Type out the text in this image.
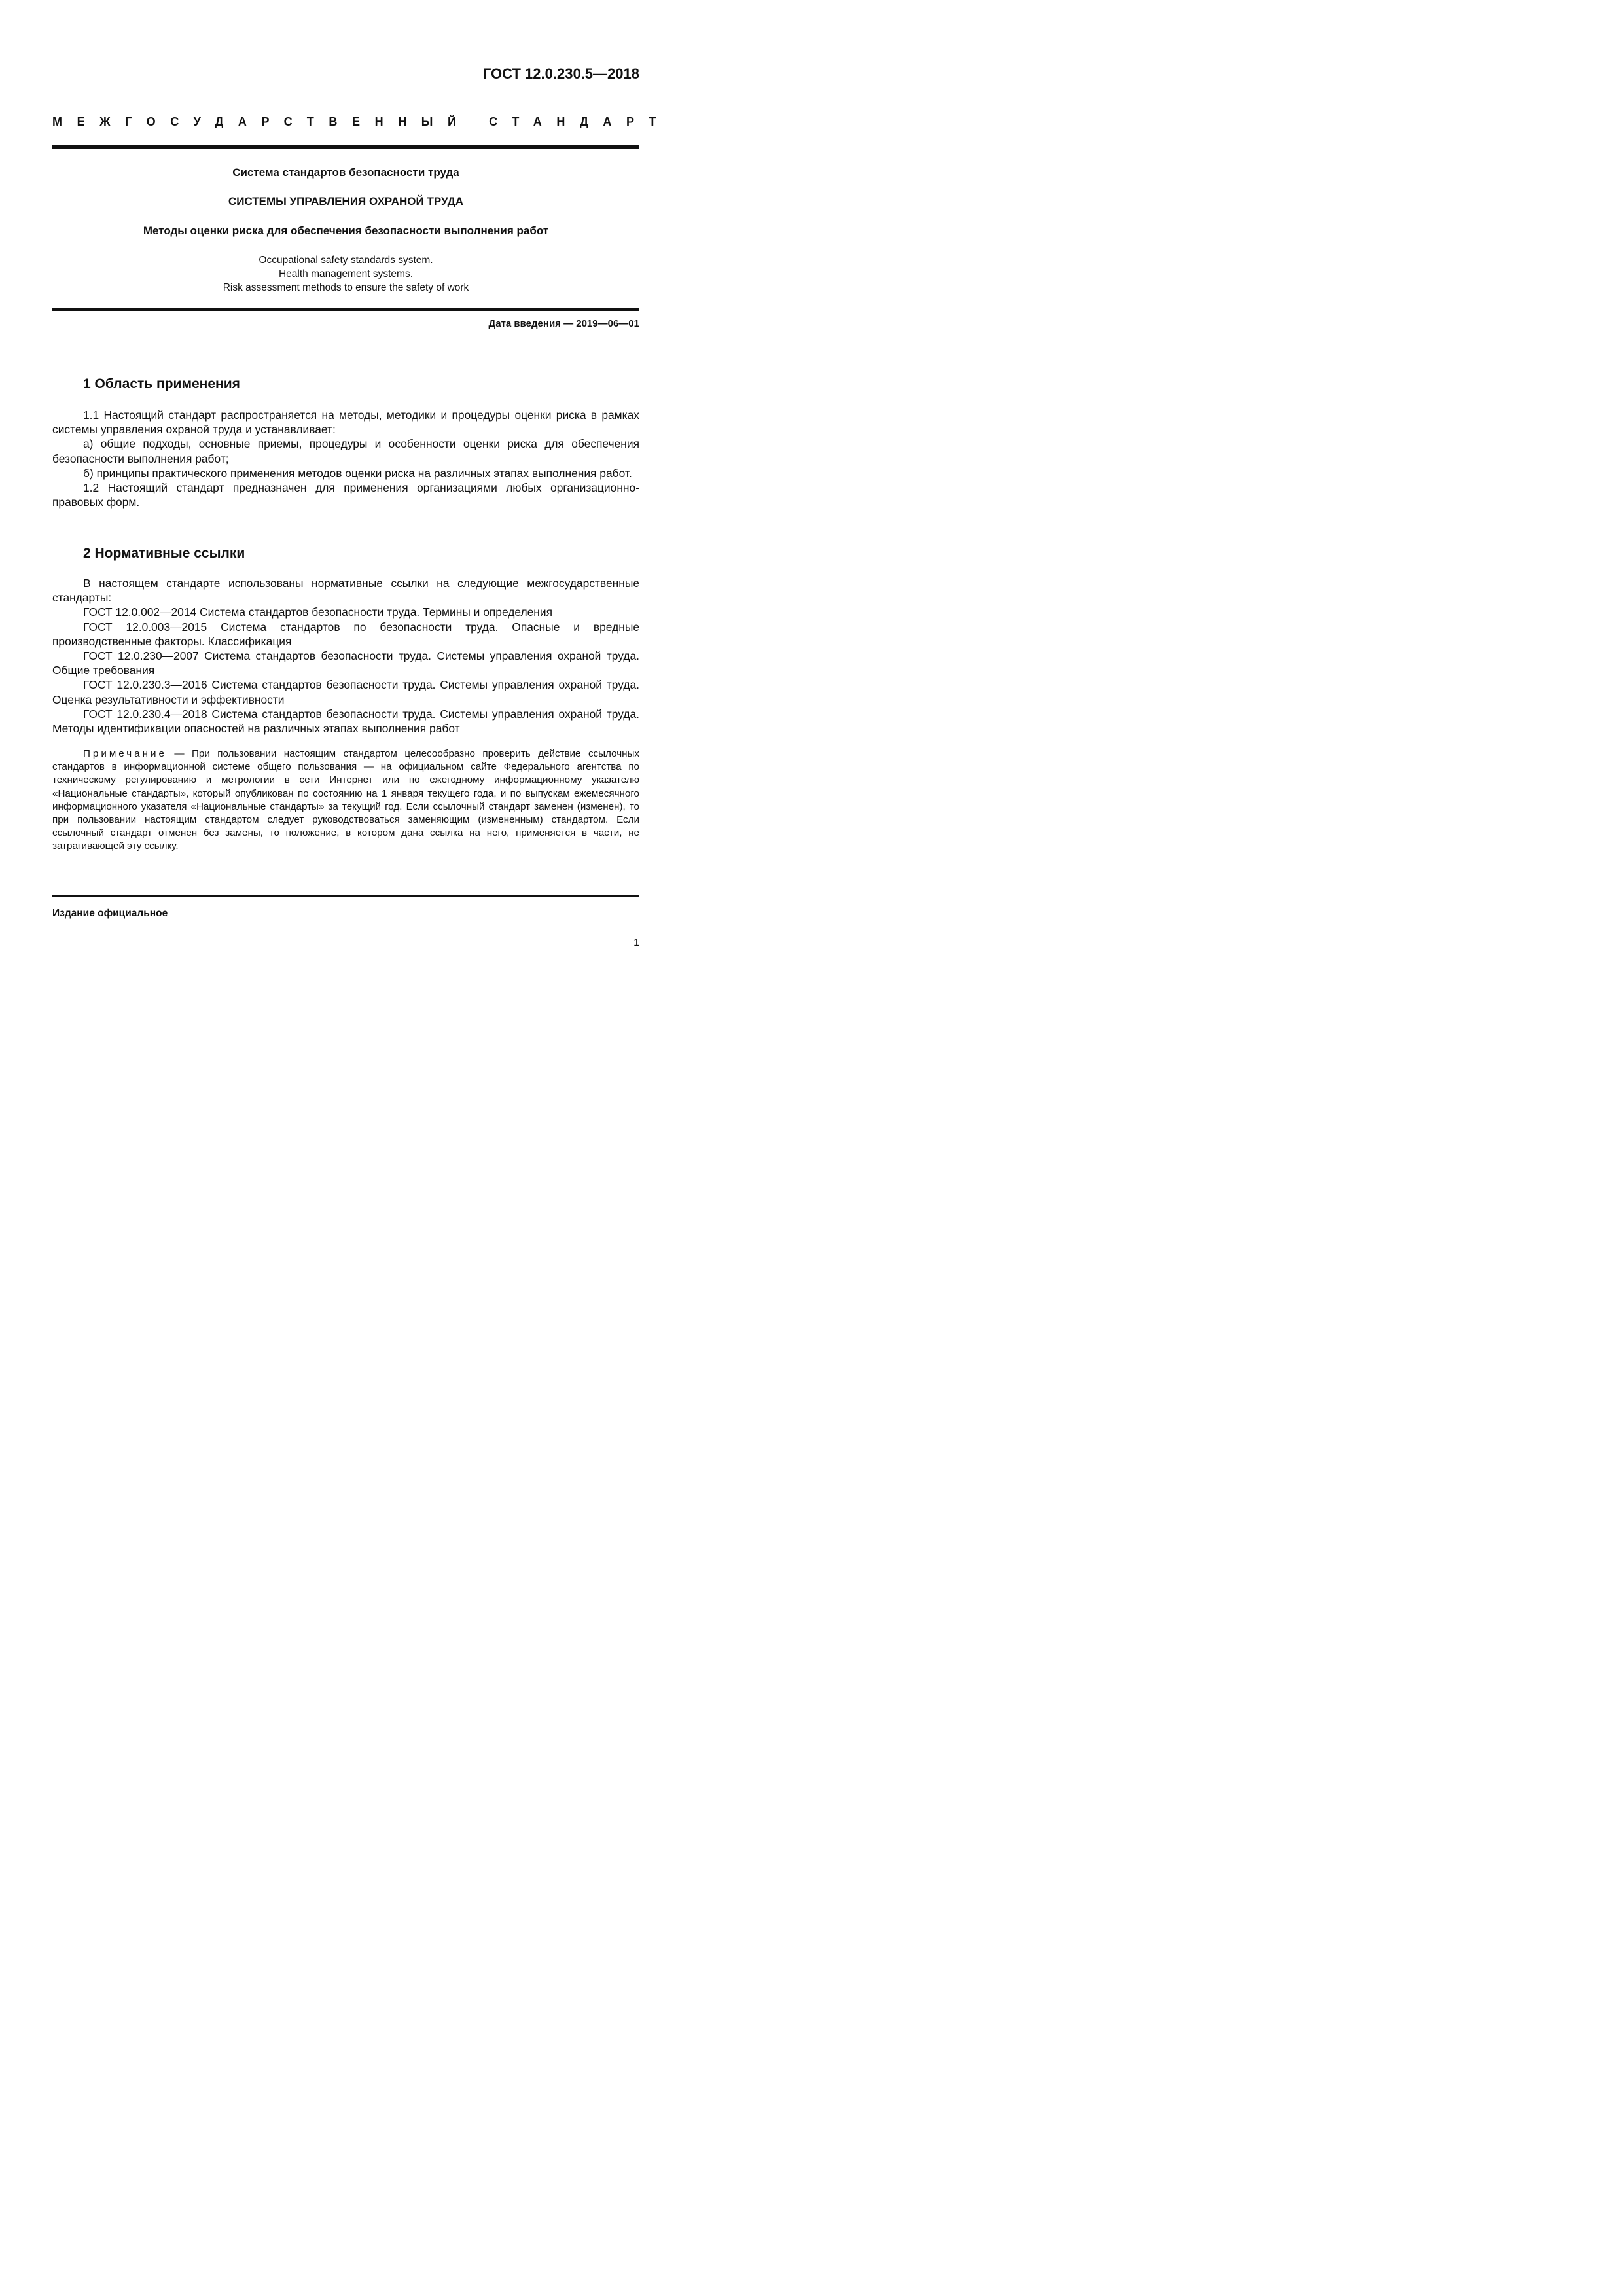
ГОСТ 12.0.230.5—2018
МЕЖГОСУДАРСТВЕННЫЙ СТАНДАРТ
Система стандартов безопасности труда
СИСТЕМЫ УПРАВЛЕНИЯ ОХРАНОЙ ТРУДА
Методы оценки риска для обеспечения безопасности выполнения работ
Occupational safety standards system.
Health management systems.
Risk assessment methods to ensure the safety of work
Дата введения — 2019—06—01
1 Область применения

1.1 Настоящий стандарт распространяется на методы, методики и процедуры оценки риска в рамках системы управления охраной труда и устанавливает:

а) общие подходы, основные приемы, процедуры и особенности оценки риска для обеспечения безопасности выполнения работ;

б) принципы практического применения методов оценки риска на различных этапах выполнения работ.

1.2 Настоящий стандарт предназначен для применения организациями любых организационно-правовых форм.

2 Нормативные ссылки

В настоящем стандарте использованы нормативные ссылки на следующие межгосударственные стандарты:

ГОСТ 12.0.002—2014 Система стандартов безопасности труда. Термины и определения

ГОСТ 12.0.003—2015 Система стандартов по безопасности труда. Опасные и вредные производственные факторы. Классификация

ГОСТ 12.0.230—2007 Система стандартов безопасности труда. Системы управления охраной труда. Общие требования

ГОСТ 12.0.230.3—2016 Система стандартов безопасности труда. Системы управления охраной труда. Оценка результативности и эффективности

ГОСТ 12.0.230.4—2018 Система стандартов безопасности труда. Системы управления охраной труда. Методы идентификации опасностей на различных этапах выполнения работ

Примечание — При пользовании настоящим стандартом целесообразно проверить действие ссылочных стандартов в информационной системе общего пользования — на официальном сайте Федерального агентства по техническому регулированию и метрологии в сети Интернет или по ежегодному информационному указателю «Национальные стандарты», который опубликован по состоянию на 1 января текущего года, и по выпускам ежемесячного информационного указателя «Национальные стандарты» за текущий год. Если ссылочный стандарт заменен (изменен), то при пользовании настоящим стандартом следует руководствоваться заменяющим (измененным) стандартом. Если ссылочный стандарт отменен без замены, то положение, в котором дана ссылка на него, применяется в части, не затрагивающей эту ссылку.

Издание официальное
1
